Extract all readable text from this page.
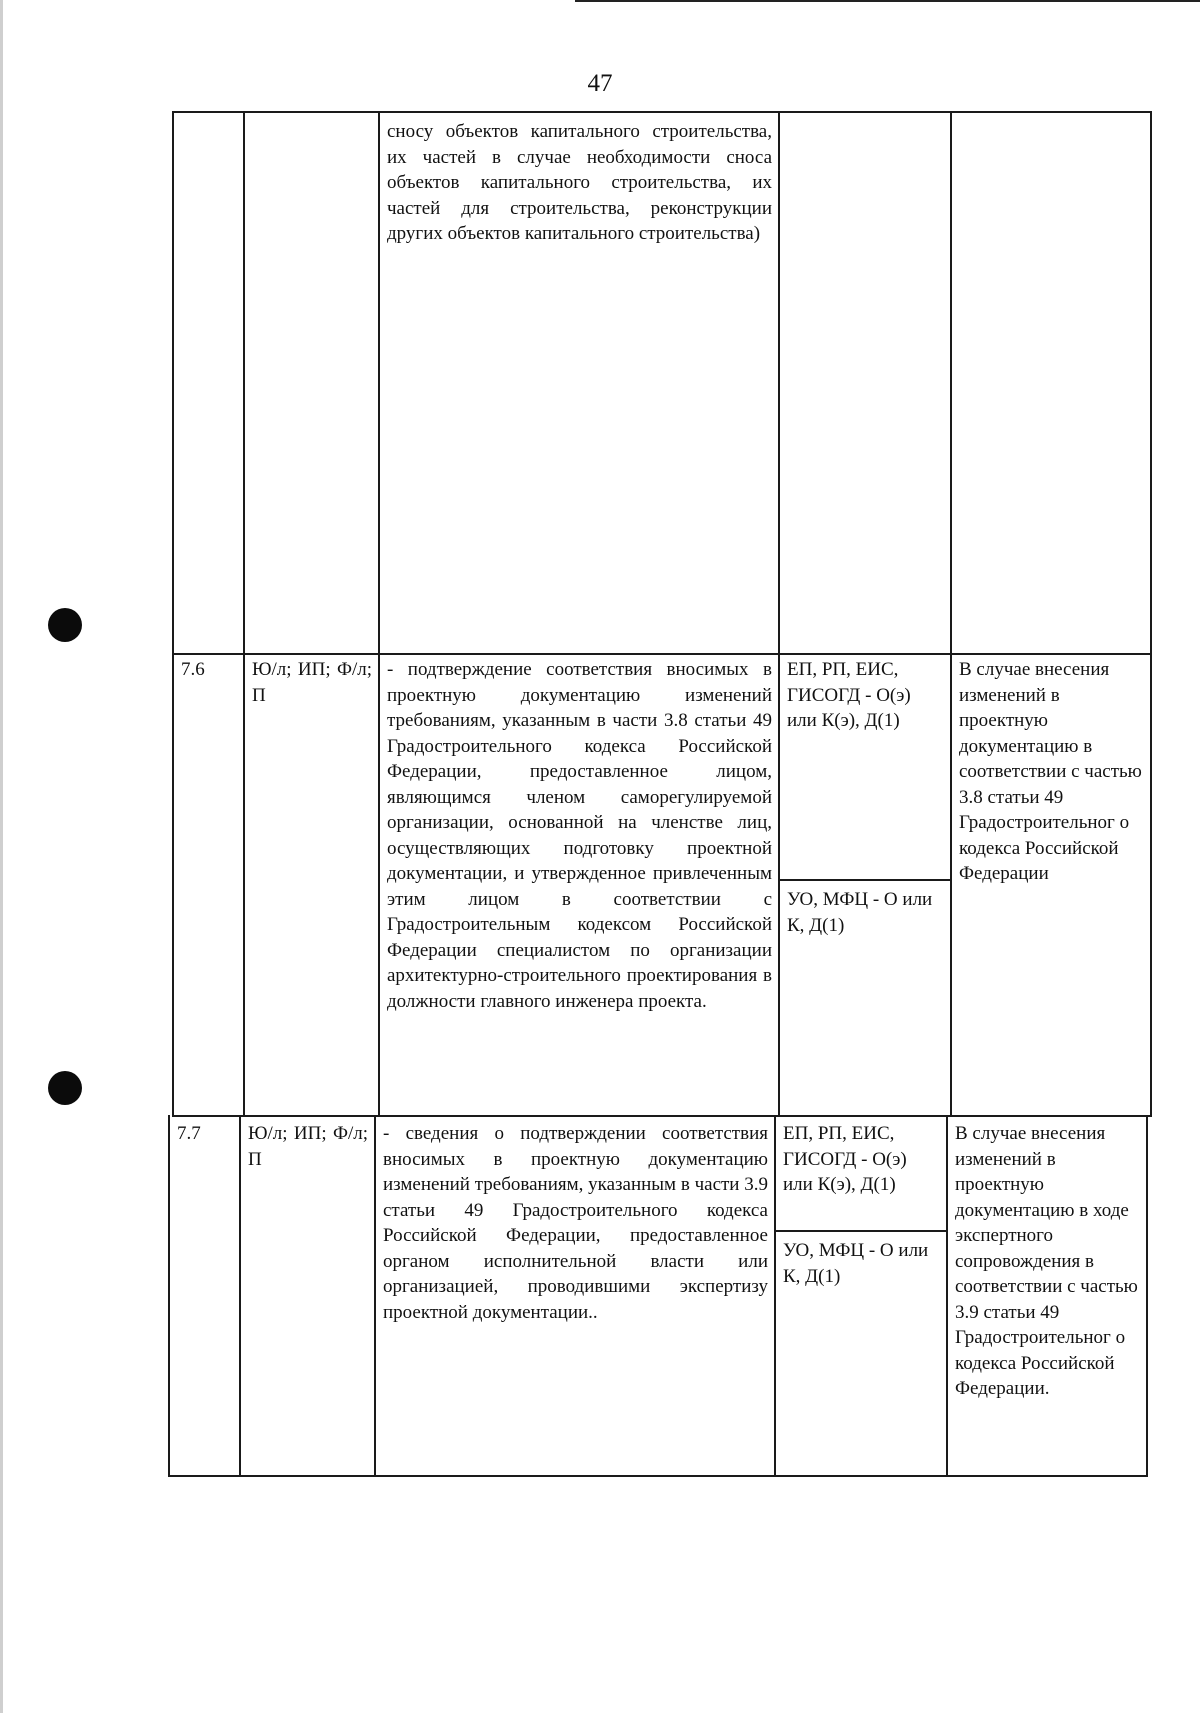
47
сносу объектов капитального строительства, их частей в случае необходимости сноса объектов капитального строительства, их частей для строительства, реконструкции других объектов капитального строительства)
7.6	Ю/л; ИП; Ф/л; П
- подтверждение соответствия вносимых в проектную документацию изменений требованиям, указанным в части 3.8 статьи 49 Градостроительного кодекса Российской Федерации, предоставленное лицом, являющимся членом саморегулируемой организации, основанной на членстве лиц, осуществляющих подготовку проектной документации, и утвержденное привлеченным этим лицом в соответствии с Градостроительным кодексом Российской Федерации специалистом по организации архитектурно-строительного проектирования в должности главного инженера проекта.
ЕП, РП, ЕИС, ГИСОГД - О(э) или К(э), Д(1)
УО, МФЦ - О или К, Д(1)
В случае внесения изменений в проектную документацию в соответствии с частью 3.8 статьи 49 Градостроительног о кодекса Российской Федерации
7.7	Ю/л; ИП; Ф/л; П
- сведения о подтверждении соответствия вносимых в проектную документацию изменений требованиям, указанным в части 3.9 статьи 49 Градостроительного кодекса Российской Федерации, предоставленное органом исполнительной власти или организацией, проводившими экспертизу проектной документации..
ЕП, РП, ЕИС, ГИСОГД - О(э) или К(э), Д(1)
УО, МФЦ - О или К, Д(1)
В случае внесения изменений в проектную документацию в ходе экспертного сопровождения в соответствии с частью 3.9 статьи 49 Градостроительног о кодекса Российской Федерации.
